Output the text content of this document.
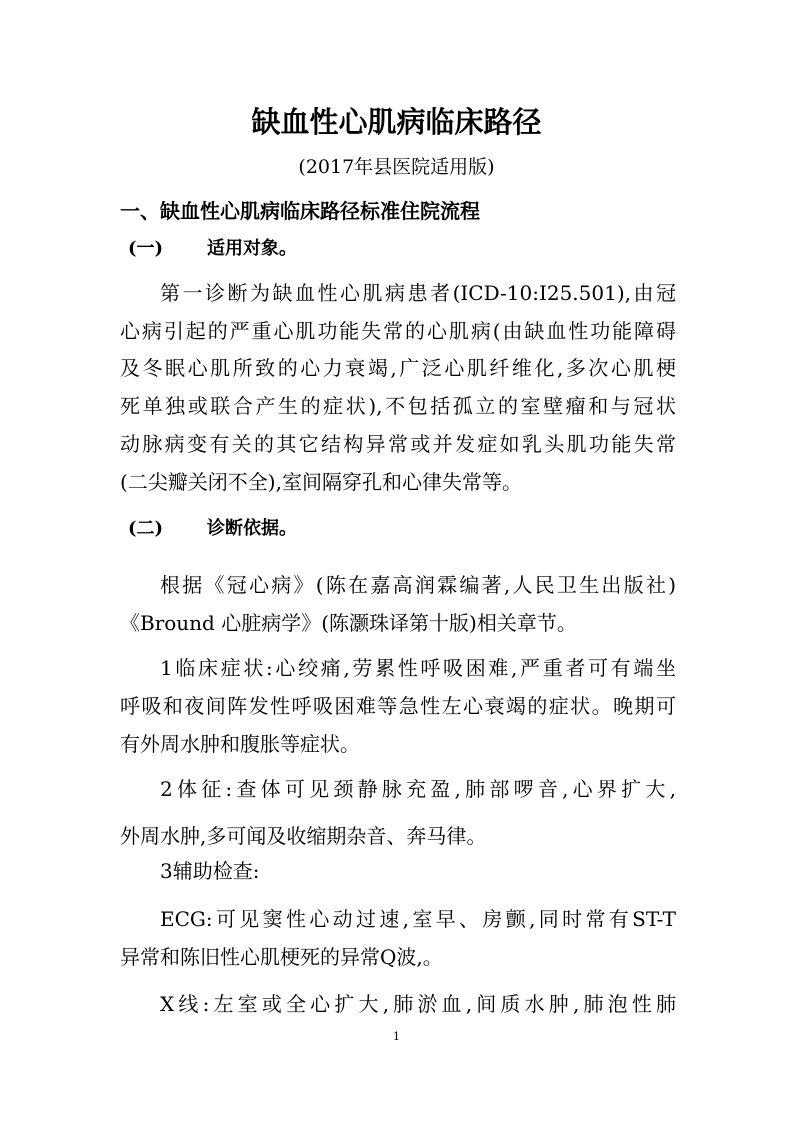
缺血性心肌病临床路径
(2017年县医院适用版)
一、缺血性心肌病临床路径标准住院流程
(一) 适用对象。
第一诊断为缺血性心肌病患者(ICD-10:I25.501),由冠
心病引起的严重心肌功能失常的心肌病(由缺血性功能障碍
及冬眠心肌所致的心力衰竭,广泛心肌纤维化,多次心肌梗
死单独或联合产生的症状),不包括孤立的室壁瘤和与冠状
动脉病变有关的其它结构异常或并发症如乳头肌功能失常
(二尖瓣关闭不全),室间隔穿孔和心律失常等。
(二) 诊断依据。
根据《冠心病》(陈在嘉高润霖编著,人民卫生出版社)
《Bround 心脏病学》(陈灏珠译第十版)相关章节。
1临床症状:心绞痛,劳累性呼吸困难,严重者可有端坐
呼吸和夜间阵发性呼吸困难等急性左心衰竭的症状。晚期可
有外周水肿和腹胀等症状。
2体征:查体可见颈静脉充盈,肺部啰音,心界扩大,
外周水肿,多可闻及收缩期杂音、奔马律。
3辅助检查:
ECG:可见窦性心动过速,室早、房颤,同时常有ST-T
异常和陈旧性心肌梗死的异常Q波,。
X线:左室或全心扩大,肺淤血,间质水肿,肺泡性肺
1
